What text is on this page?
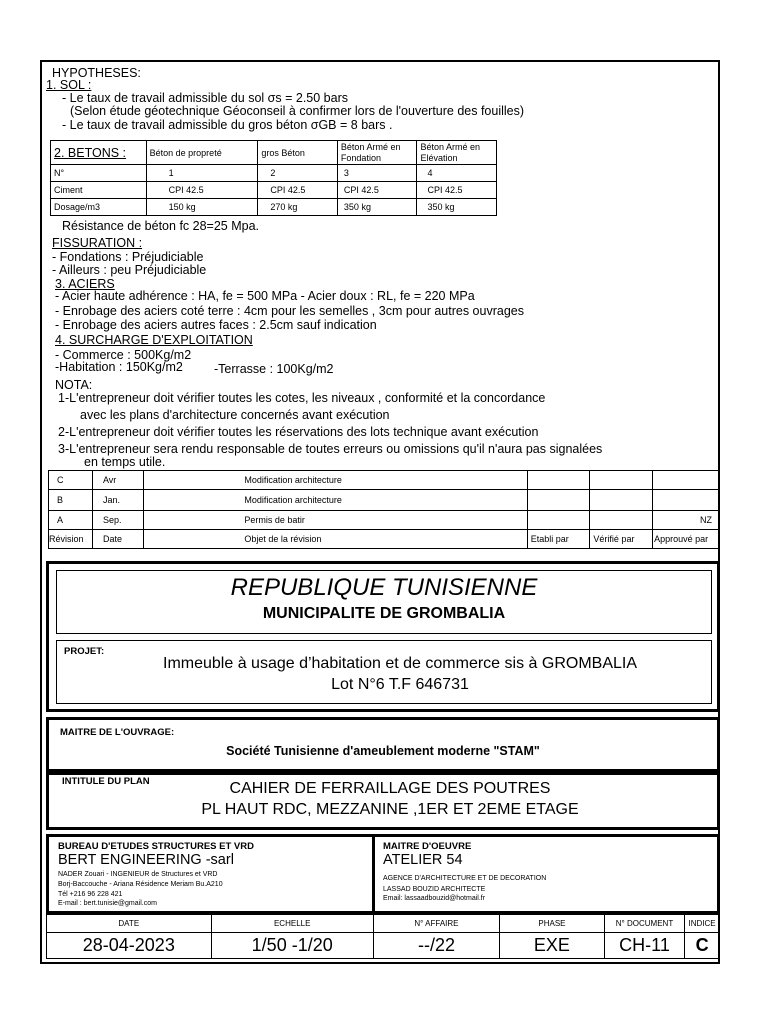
HYPOTHESES:
1. SOL :
- Le taux de travail admissible du sol σs = 2.50 bars
(Selon étude géotechnique Géoconseil à confirmer lors de l'ouverture des fouilles)
- Le taux de travail admissible du gros béton σGB = 8 bars .
2. BETONS :	Béton de propreté	gros Béton	Béton Armé en Fondation	Béton Armé en Elévation
N°	1	2	3	4
Ciment	CPI 42.5	CPI 42.5	CPI 42.5	CPI 42.5
Dosage/m3	150 kg	270 kg	350 kg	350 kg
Résistance de béton fc 28=25 Mpa.
FISSURATION :
- Fondations : Préjudiciable
- Ailleurs : peu Préjudiciable
3. ACIERS
- Acier haute adhérence : HA, fe = 500 MPa - Acier doux : RL, fe = 220 MPa
- Enrobage des aciers coté terre : 4cm pour les semelles , 3cm pour autres ouvrages
- Enrobage des aciers autres faces : 2.5cm sauf indication
4. SURCHARGE D'EXPLOITATION
- Commerce : 500Kg/m2
-Habitation : 150Kg/m2 -Terrasse : 100Kg/m2
NOTA:
1-L'entrepreneur doit vérifier toutes les cotes, les niveaux , conformité et la concordance
avec les plans d'architecture concernés avant exécution
2-L'entrepreneur doit vérifier toutes les réservations des lots technique avant exécution
3-L'entrepreneur sera rendu responsable de toutes erreurs ou omissions qu'il n'aura pas signalées
en temps utile.
C	Avr	Modification architecture			
B	Jan.	Modification architecture			
A	Sep.	Permis de batir			NZ
Révision	Date	Objet de la révision	Etabli par	Vérifié par	Approuvé par
REPUBLIQUE TUNISIENNE
MUNICIPALITE DE GROMBALIA
PROJET:
Immeuble à usage d’habitation et de commerce sis à GROMBALIA
Lot N°6 T.F 646731
MAITRE DE L'OUVRAGE:
Société Tunisienne d'ameublement moderne "STAM"
INTITULE DU PLAN	CAHIER DE FERRAILLAGE DES POUTRES
PL HAUT RDC, MEZZANINE ,1ER ET 2EME ETAGE
BUREAU D'ETUDES STRUCTURES ET VRD
BERT ENGINEERING -sarl
NADER Zouari - INGENIEUR de Structures et VRD
Borj-Baccouche - Ariana Résidence Meriam Bu.A210
Tél +216 96 228 421
E-mail : bert.tunisie@gmail.com
MAITRE D'OEUVRE
ATELIER 54
AGENCE D'ARCHITECTURE ET DE DECORATION
LASSAD BOUZID ARCHITECTE
Email: lassaadbouzid@hotmail.fr
DATE	ECHELLE	N° AFFAIRE	PHASE	N° DOCUMENT	INDICE
28-04-2023	1/50 -1/20	--/22	EXE	CH-11	C
